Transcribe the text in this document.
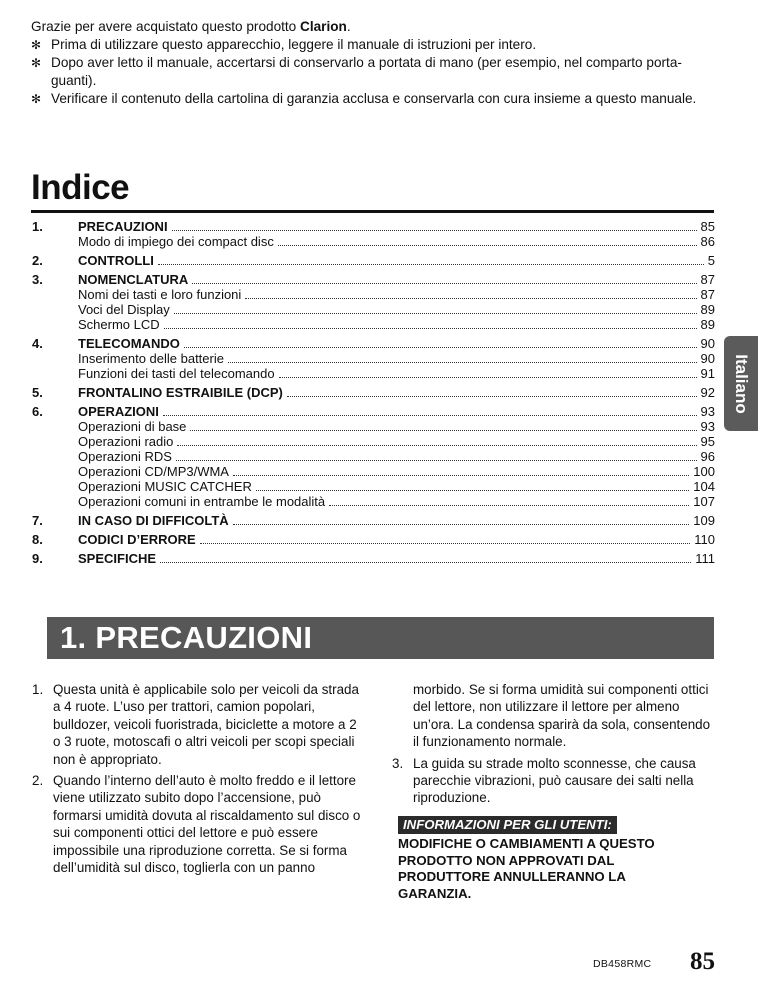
Grazie per avere acquistato questo prodotto Clarion.

✻ Prima di utilizzare questo apparecchio, leggere il manuale di istruzioni per intero.

✻ Dopo aver letto il manuale, accertarsi di conservarlo a portata di mano (per esempio, nel comparto porta-guanti).

✻ Verificare il contenuto della cartolina di garanzia acclusa e conservarla con cura insieme a questo manuale.

Indice
1.	PRECAUZIONI	85
Modo di impiego dei compact disc	86
2.	CONTROLLI	5
3.	NOMENCLATURA	87
Nomi dei tasti e loro funzioni	87
Voci del Display	89
Schermo LCD	89
4.	TELECOMANDO	90
Inserimento delle batterie	90
Funzioni dei tasti del telecomando	91
5.	FRONTALINO ESTRAIBILE (DCP)	92
6.	OPERAZIONI	93
Operazioni di base	93
Operazioni radio	95
Operazioni RDS	96
Operazioni CD/MP3/WMA	100
Operazioni MUSIC CATCHER	104
Operazioni comuni in entrambe le modalità	107
7.	IN CASO DI DIFFICOLTÀ	109
8.	CODICI D’ERRORE	110
9.	SPECIFICHE	111
Italiano
1. PRECAUZIONI
1. Questa unità è applicabile solo per veicoli da strada a 4 ruote. L’uso per trattori, camion popolari, bulldozer, veicoli fuoristrada, biciclette a motore a 2 o 3 ruote, motoscafi o altri veicoli per scopi speciali non è appropriato.
2. Quando l’interno dell’auto è molto freddo e il lettore viene utilizzato subito dopo l’accensione, può formarsi umidità dovuta al riscaldamento sul disco o sui componenti ottici del lettore e può essere impossibile una riproduzione corretta. Se si forma dell’umidità sul disco, toglierla con un panno

morbido. Se si forma umidità sui componenti ottici del lettore, non utilizzare il lettore per almeno un’ora. La condensa sparirà da sola, consentendo il funzionamento normale.

3. La guida su strade molto sconnesse, che causa parecchie vibrazioni, può causare dei salti nella riproduzione.
INFORMAZIONI PER GLI UTENTI:

MODIFICHE O CAMBIAMENTI A QUESTO PRODOTTO NON APPROVATI DAL PRODUTTORE ANNULLERANNO LA GARANZIA.

DB458RMC 85
